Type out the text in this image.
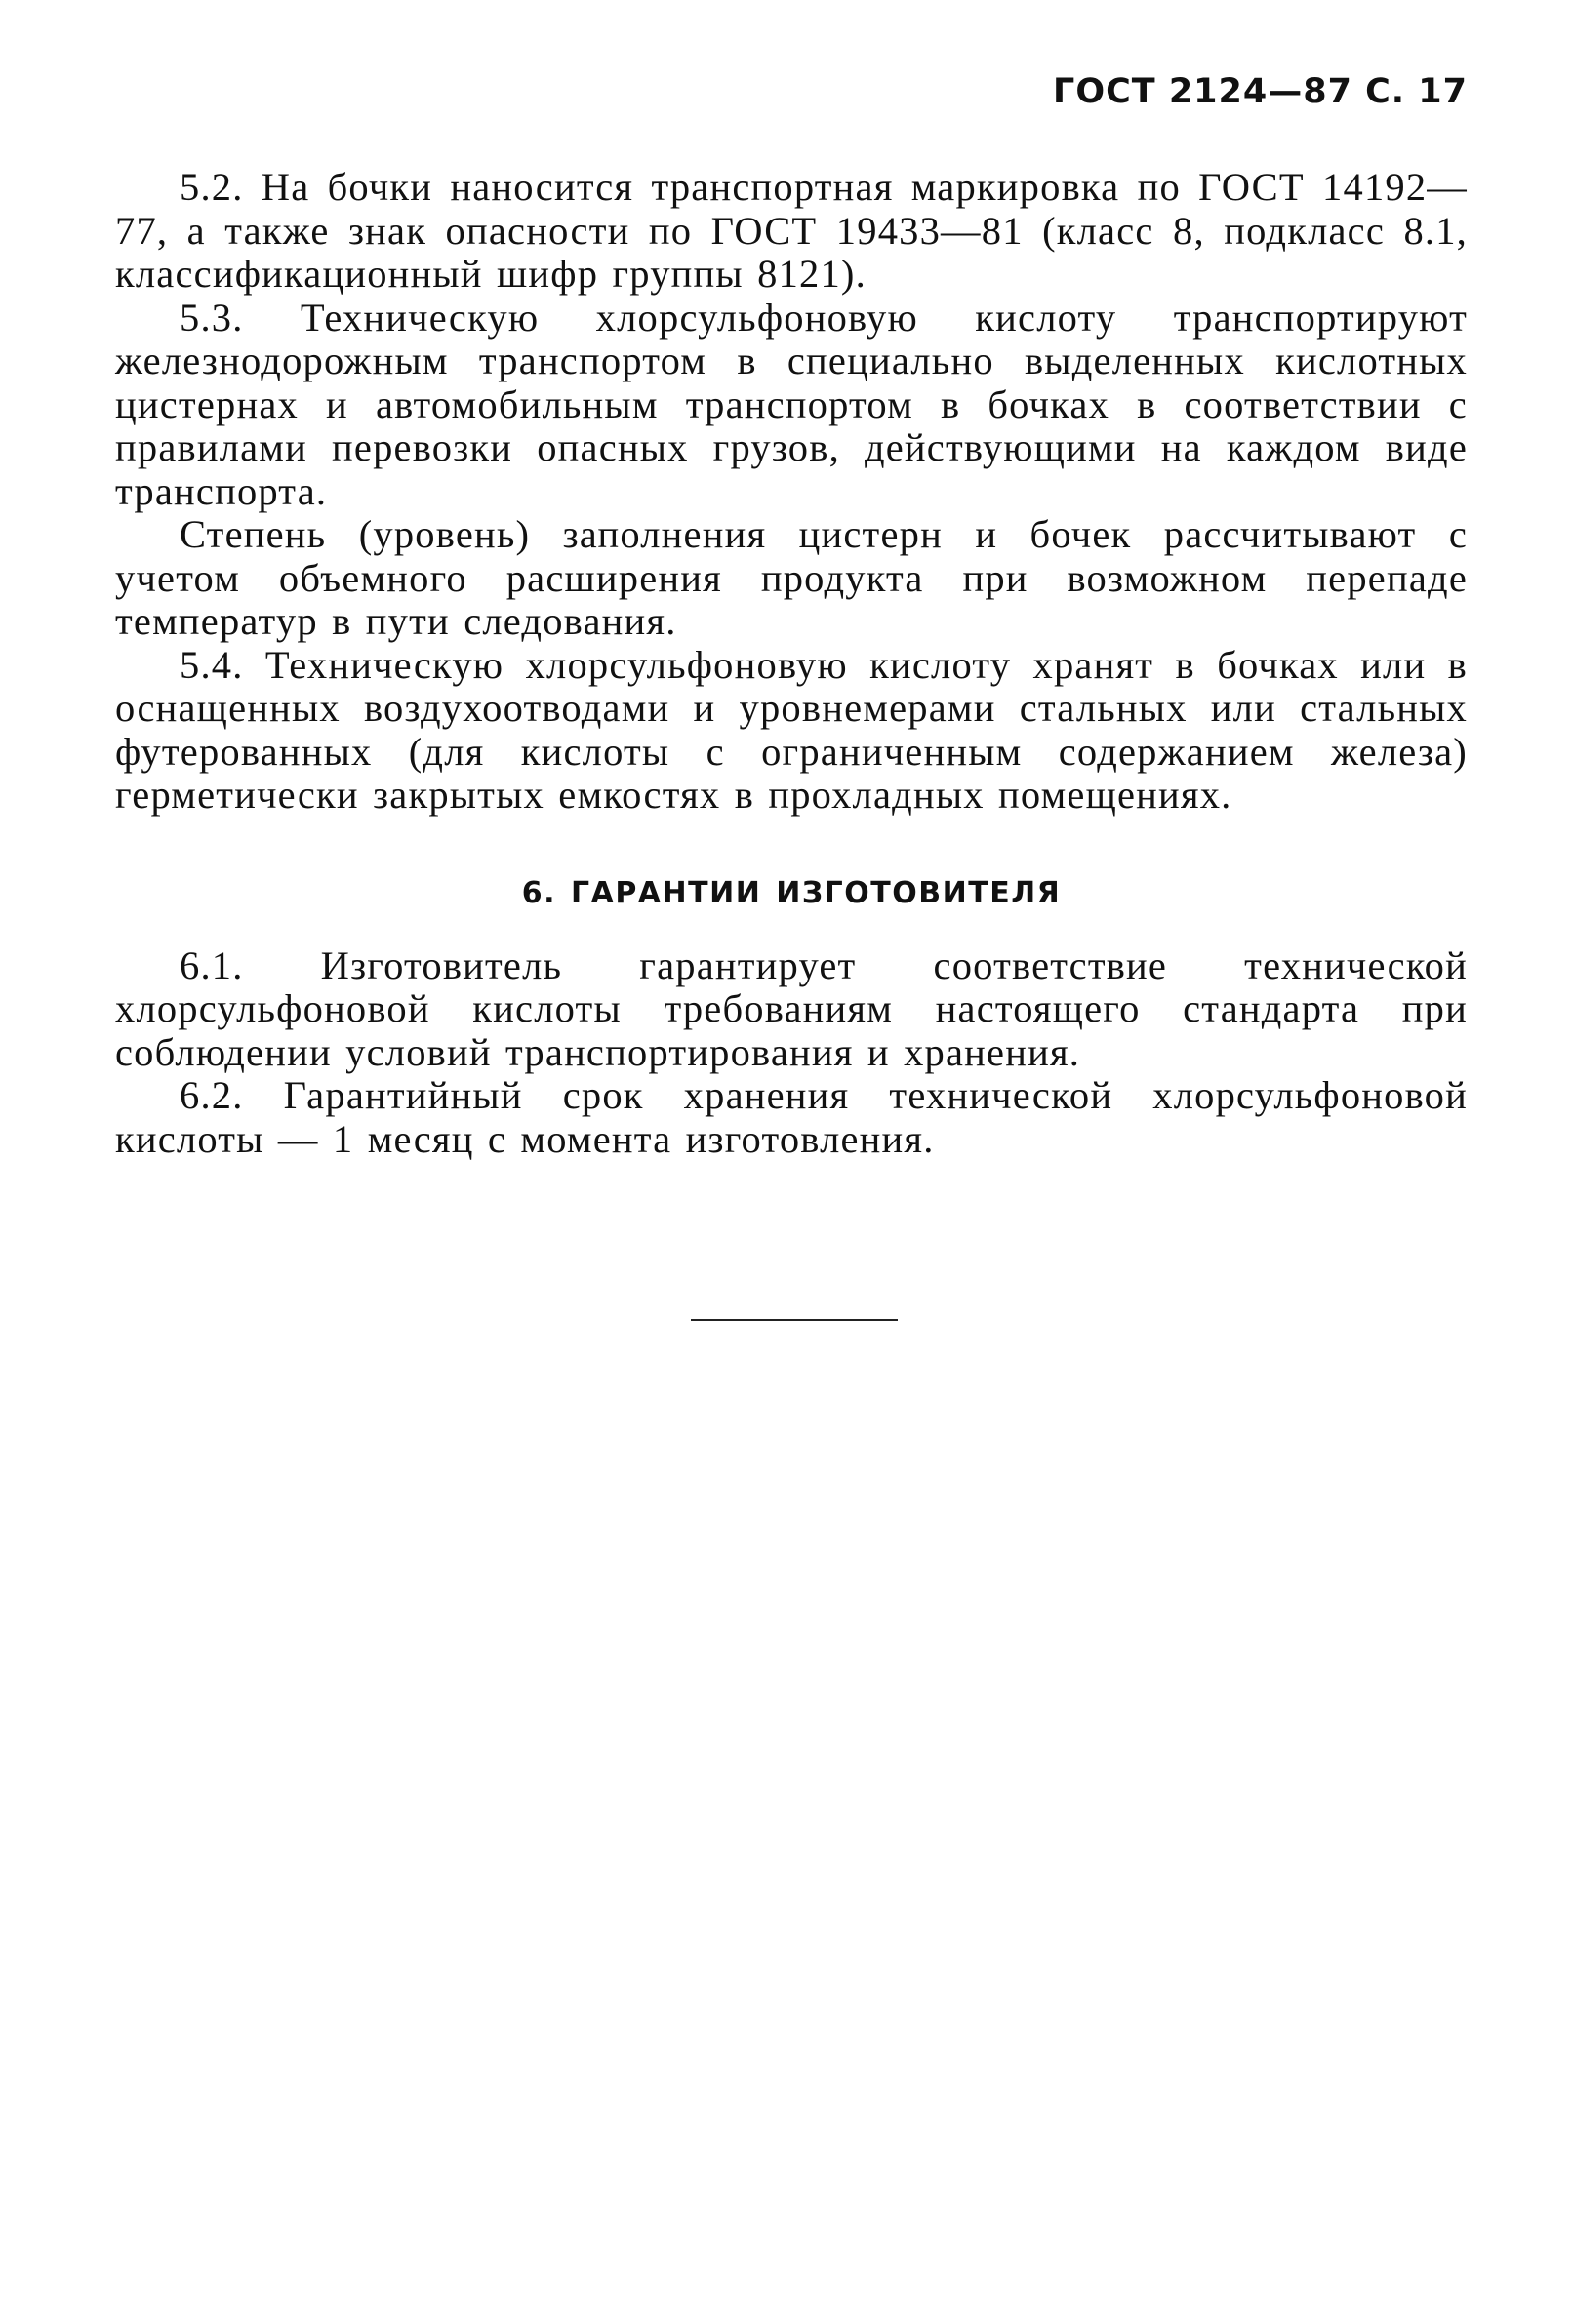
ГОСТ 2124—87 С. 17

5.2. На бочки наносится транспортная маркировка по ГОСТ 14192—77, а также знак опасности по ГОСТ 19433—81 (класс 8, подкласс 8.1, классификационный шифр группы 8121).

5.3. Техническую хлорсульфоновую кислоту транспортируют железнодорожным транспортом в специально выделенных кислотных цистернах и автомобильным транспортом в бочках в соответствии с правилами перевозки опасных грузов, действующими на каждом виде транспорта.

Степень (уровень) заполнения цистерн и бочек рассчитывают с учетом объемного расширения продукта при возможном перепаде температур в пути следования.

5.4. Техническую хлорсульфоновую кислоту хранят в бочках или в оснащенных воздухоотводами и уровнемерами стальных или стальных футерованных (для кислоты с ограниченным содержанием железа) герметически закрытых емкостях в прохладных помещениях.

6. ГАРАНТИИ ИЗГОТОВИТЕЛЯ

6.1. Изготовитель гарантирует соответствие технической хлорсульфоновой кислоты требованиям настоящего стандарта при соблюдении условий транспортирования и хранения.

6.2. Гарантийный срок хранения технической хлорсульфоновой кислоты — 1 месяц с момента изготовления.
